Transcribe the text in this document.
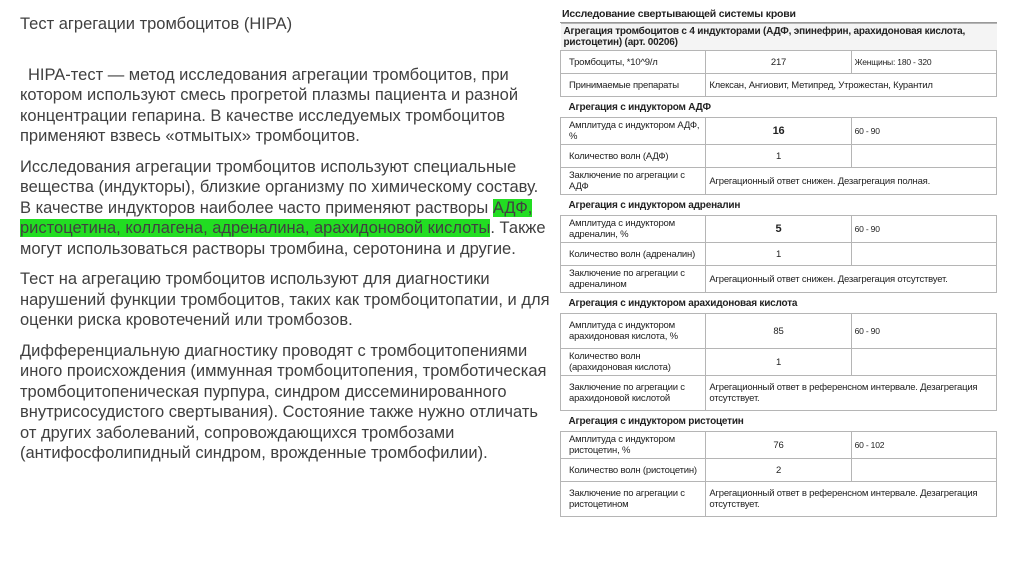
Тест агрегации тромбоцитов (HIPA)

HIPA-тест — метод исследования агрегации тромбоцитов, при котором используют смесь прогретой плазмы пациента и разной концентрации гепарина. В качестве исследуемых тромбоцитов применяют взвесь «отмытых» тромбоцитов.

Исследования агрегации тромбоцитов используют специальные вещества (индукторы), близкие организму по химическому составу. В качестве индукторов наиболее часто применяют растворы АДФ, ристоцетина, коллагена, адреналина, арахидоновой кислоты. Также могут использоваться растворы тромбина, серотонина и другие.

Тест на агрегацию тромбоцитов используют для диагностики нарушений функции тромбоцитов, таких как тромбоцитопатии, и для оценки риска кровотечений или тромбозов.

Дифференциальную диагностику проводят с тромбоцитопениями иного происхождения (иммунная тромбоцитопения, тромботическая тромбоцитопеническая пурпура, синдром диссеминированного внутрисосудистого свертывания). Состояние также нужно отличать от других заболеваний, сопровождающихся тромбозами (антифосфолипидный синдром, врожденные тромбофилии).

Исследование свертывающей системы крови
Агрегация тромбоцитов с 4 индукторами (АДФ, эпинефрин, арахидоновая кислота, ристоцетин) (арт. 00206)		
Тромбоциты, *10^9/л	217	Женщины: 180 - 320
Принимаемые препараты	Клексан, Ангиовит, Метипред, Утрожестан, Курантил	
Агрегация с индуктором АДФ		
Амплитуда с индуктором АДФ, %	16	60 - 90
Количество волн (АДФ)	1	
Заключение по агрегации с АДФ	Агрегационный ответ снижен. Дезагрегация полная.	
Агрегация с индуктором адреналин		
Амплитуда с индуктором адреналин, %	5	60 - 90
Количество волн (адреналин)	1	
Заключение по агрегации с адреналином	Агрегационный ответ снижен. Дезагрегация отсутствует.	
Агрегация с индуктором арахидоновая кислота		
Амплитуда с индуктором арахидоновая кислота, %	85	60 - 90
Количество волн (арахидоновая кислота)	1	
Заключение по агрегации с арахидоновой кислотой	Агрегационный ответ в референсном интервале. Дезагрегация отсутствует.	
Агрегация с индуктором ристоцетин		
Амплитуда с индуктором ристоцетин, %	76	60 - 102
Количество волн (ристоцетин)	2	
Заключение по агрегации с ристоцетином	Агрегационный ответ в референсном интервале. Дезагрегация отсутствует.	
